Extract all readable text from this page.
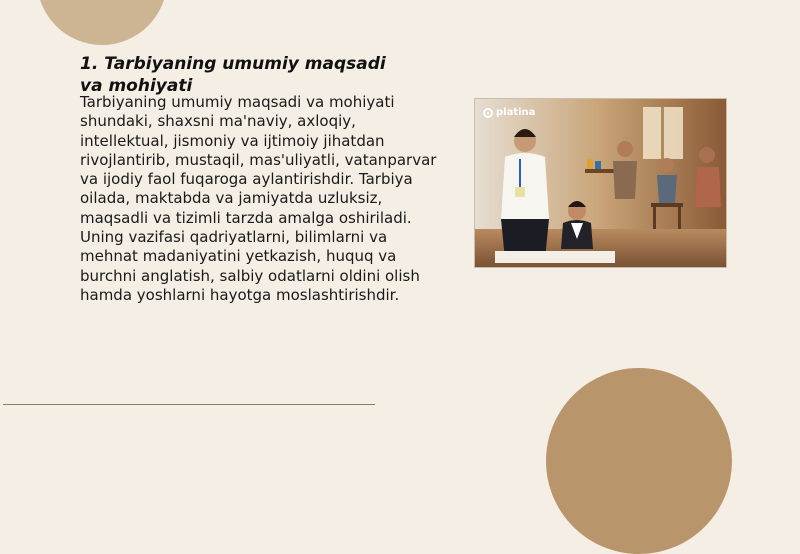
1. Tarbiyaning umumiy maqsadi va mohiyati

Tarbiyaning umumiy maqsadi va mohiyati shundaki, shaxsni ma'naviy, axloqiy, intellektual, jismoniy va ijtimoiy jihatdan rivojlantirib, mustaqil, mas'uliyatli, vatanparvar va ijodiy faol fuqaroga aylantirishdir. Tarbiya oilada, maktabda va jamiyatda uzluksiz, maqsadli va tizimli tarzda amalga oshiriladi. Uning vazifasi qadriyatlarni, bilimlarni va mehnat madaniyatini yetkazish, huquq va burchni anglatish, salbiy odatlarni oldini olish hamda yoshlarni hayotga moslashtirishdir.

platina
